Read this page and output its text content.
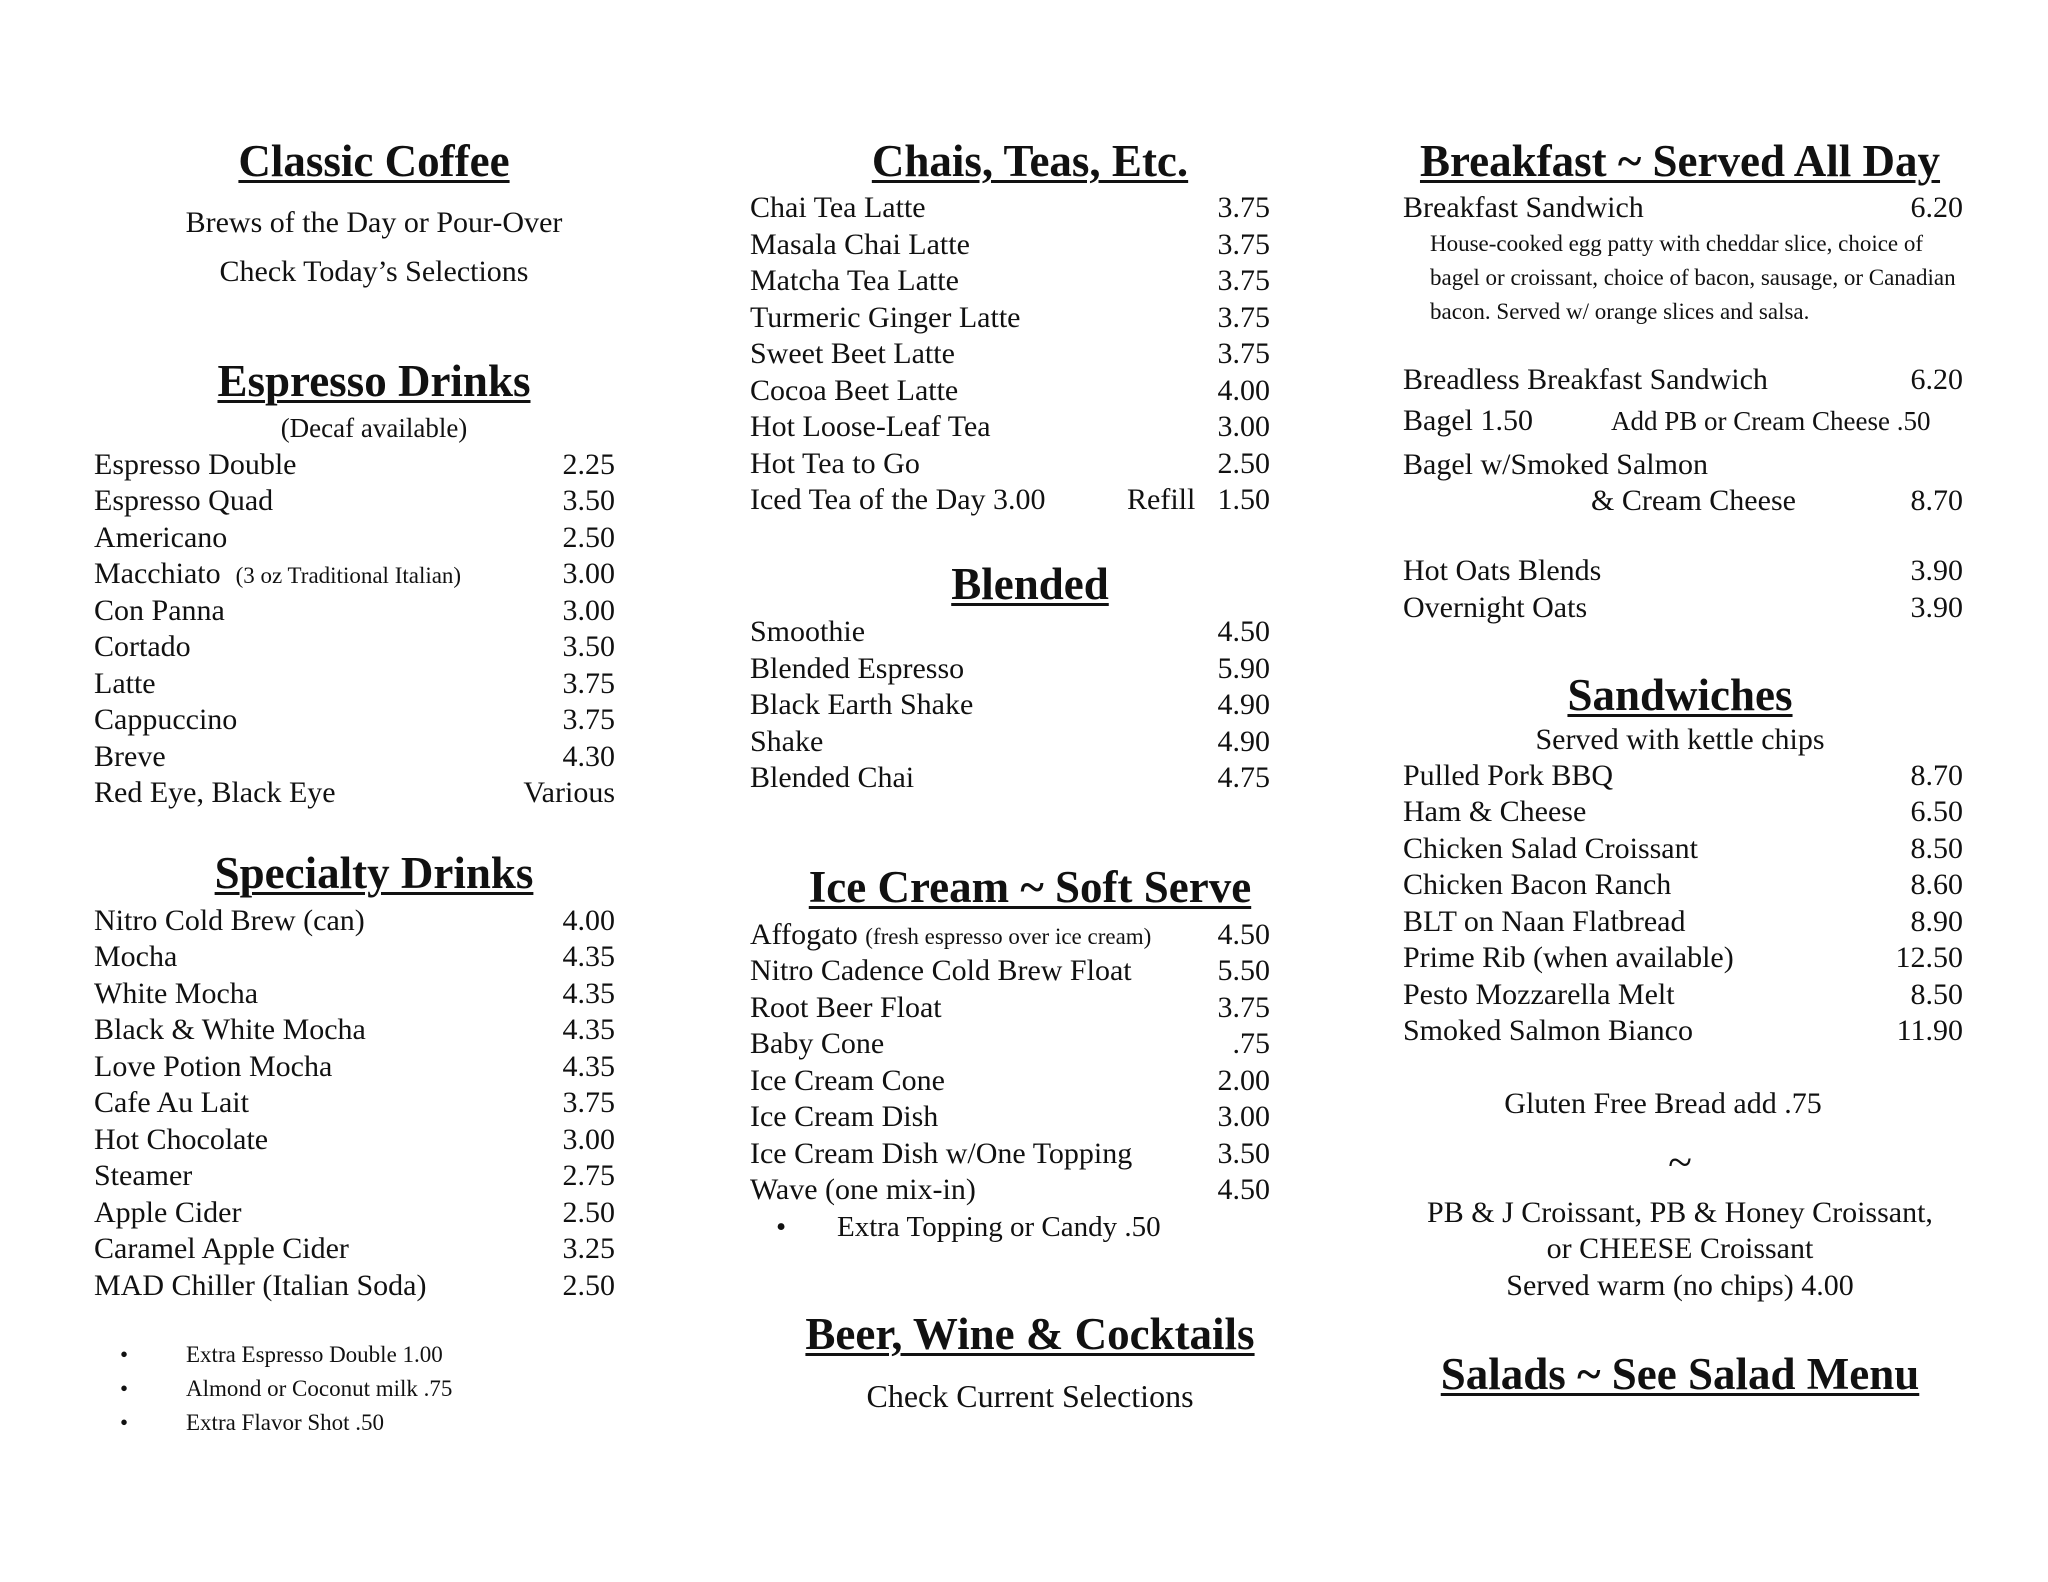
Classic Coffee
Brews of the Day or Pour-Over
Check Today’s Selections
Espresso Drinks
(Decaf available)
Espresso Double	2.25
Espresso Quad	3.50
Americano	2.50
Macchiato (3 oz Traditional Italian)	3.00
Con Panna	3.00
Cortado	3.50
Latte	3.75
Cappuccino	3.75
Breve	4.30
Red Eye, Black Eye	Various
Specialty Drinks
Nitro Cold Brew (can)	4.00
Mocha	4.35
White Mocha	4.35
Black & White Mocha	4.35
Love Potion Mocha	4.35
Cafe Au Lait	3.75
Hot Chocolate	3.00
Steamer	2.75
Apple Cider	2.50
Caramel Apple Cider	3.25
MAD Chiller (Italian Soda)	2.50
•	Extra Espresso Double 1.00
•	Almond or Coconut milk .75
•	Extra Flavor Shot .50
Chais, Teas, Etc.
Chai Tea Latte	3.75
Masala Chai Latte	3.75
Matcha Tea Latte	3.75
Turmeric Ginger Latte	3.75
Sweet Beet Latte	3.75
Cocoa Beet Latte	4.00
Hot Loose-Leaf Tea	3.00
Hot Tea to Go	2.50
Iced Tea of the Day 3.00	Refill 1.50
Blended
Smoothie	4.50
Blended Espresso	5.90
Black Earth Shake	4.90
Shake	4.90
Blended Chai	4.75
Ice Cream ~ Soft Serve
Affogato (fresh espresso over ice cream) 4.50
Nitro Cadence Cold Brew Float	5.50
Root Beer Float	3.75
Baby Cone	.75
Ice Cream Cone	2.00
Ice Cream Dish	3.00
Ice Cream Dish w/One Topping	3.50
Wave (one mix-in)	4.50
• Extra Topping or Candy .50
Beer, Wine & Cocktails
Check Current Selections
Breakfast ~ Served All Day
Breakfast Sandwich	6.20
House-cooked egg patty with cheddar slice, choice of bagel or croissant, choice of bacon, sausage, or Canadian bacon. Served w/ orange slices and salsa.
Breadless Breakfast Sandwich	6.20
Bagel 1.50	Add PB or Cream Cheese .50
Bagel w/Smoked Salmon
& Cream Cheese	8.70
Hot Oats Blends	3.90
Overnight Oats	3.90
Sandwiches
Served with kettle chips
Pulled Pork BBQ	8.70
Ham & Cheese	6.50
Chicken Salad Croissant	8.50
Chicken Bacon Ranch	8.60
BLT on Naan Flatbread	8.90
Prime Rib (when available)	12.50
Pesto Mozzarella Melt	8.50
Smoked Salmon Bianco	11.90
Gluten Free Bread add .75
~
PB & J Croissant, PB & Honey Croissant,
or CHEESE Croissant
Served warm (no chips) 4.00
Salads ~ See Salad Menu
